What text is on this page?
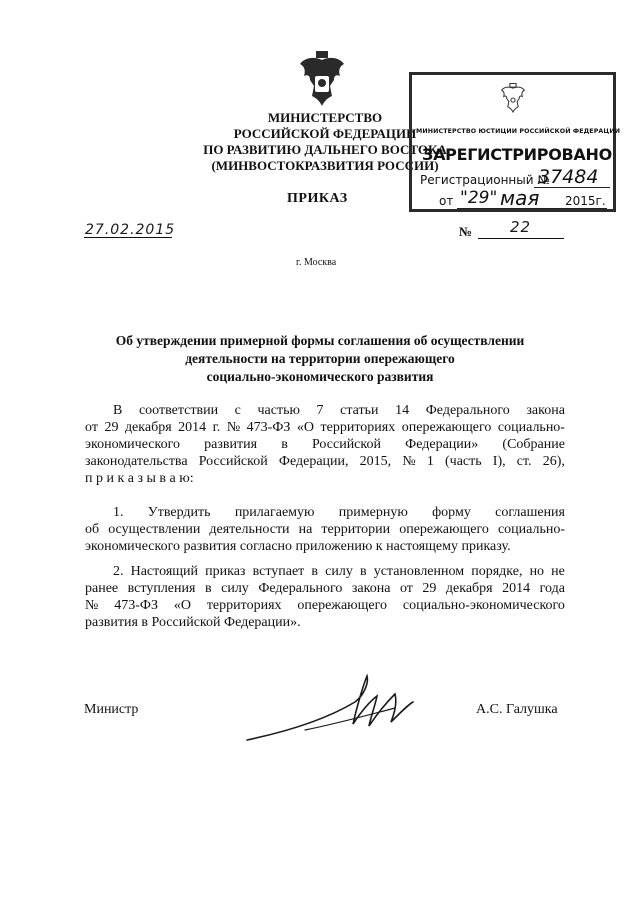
МИНИСТЕРСТВО
РОССИЙСКОЙ ФЕДЕРАЦИИ
ПО РАЗВИТИЮ ДАЛЬНЕГО ВОСТОКА
(МИНВОСТОКРАЗВИТИЯ РОССИИ)
ПРИКАЗ
27.02.2015	№	22
г. Москва
МИНИСТЕРСТВО ЮСТИЦИИ РОССИЙСКОЙ ФЕДЕРАЦИИ
ЗАРЕГИСТРИРОВАНО
Регистрационный №
37484
от "29" мая 2015г.
Об утверждении примерной формы соглашения об осуществлении
деятельности на территории опережающего
социально-экономического развития
В соответствии с частью 7 статьи 14 Федерального закона
от 29 декабря 2014 г. № 473-ФЗ «О территориях опережающего социально-
экономического развития в Российской Федерации» (Собрание
законодательства Российской Федерации, 2015, № 1 (часть I), ст. 26),
п р и к а з ы в а ю:
1. Утвердить прилагаемую примерную форму соглашения
об осуществлении деятельности на территории опережающего социально-
экономического развития согласно приложению к настоящему приказу.
2. Настоящий приказ вступает в силу в установленном порядке, но не
ранее вступления в силу Федерального закона от 29 декабря 2014 года
№ 473-ФЗ «О территориях опережающего социально-экономического
развития в Российской Федерации».
Министр	А.С. Галушка
